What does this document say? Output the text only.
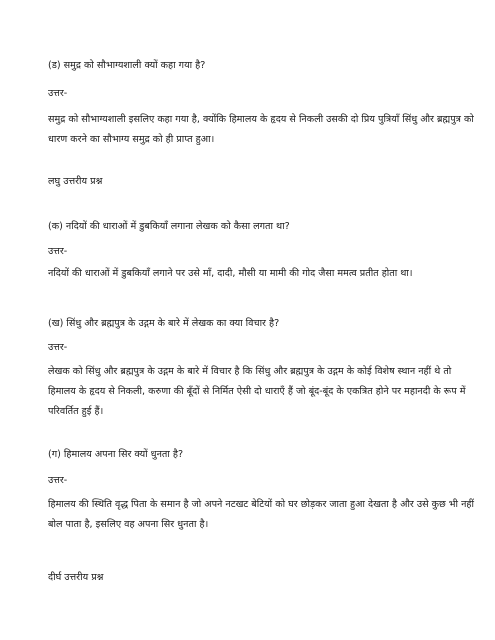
(ड) समुद्र को सौभाग्यशाली क्यों कहा गया है?
उत्तर-
समुद्र को सौभाग्यशाली इसलिए कहा गया है, क्योंकि हिमालय के हृदय से निकली उसकी दो प्रिय पुत्रियाँ सिंधु और ब्रह्मपुत्र को धारण करने का सौभाग्य समुद्र को ही प्राप्त हुआ।
लघु उत्तरीय प्रश्न
(क) नदियों की धाराओं में डुबकियाँ लगाना लेखक को कैसा लगता था?
उत्तर-
नदियों की धाराओं में डुबकियाँ लगाने पर उसे माँ, दादी, मौसी या मामी की गोद जैसा ममत्व प्रतीत होता था।
(ख) सिंधु और ब्रह्मपुत्र के उद्गम के बारे में लेखक का क्या विचार है?
उत्तर-
लेखक को सिंधु और ब्रह्मपुत्र के उद्गम के बारे में विचार है कि सिंधु और ब्रह्मपुत्र के उद्गम के कोई विशेष स्थान नहीं थे तो हिमालय के हृदय से निकली, करुणा की बूँदों से निर्मित ऐसी दो धाराएँ हैं जो बूंद-बूंद के एकत्रित होने पर महानदी के रूप में परिवर्तित हुई हैं।
(ग) हिमालय अपना सिर क्यों धुनता है?
उत्तर-
हिमालय की स्थिति वृद्ध पिता के समान है जो अपने नटखट बेटियों को घर छोड़कर जाता हुआ देखता है और उसे कुछ भी नहीं बोल पाता है, इसलिए वह अपना सिर धुनता है।
दीर्घ उत्तरीय प्रश्न
